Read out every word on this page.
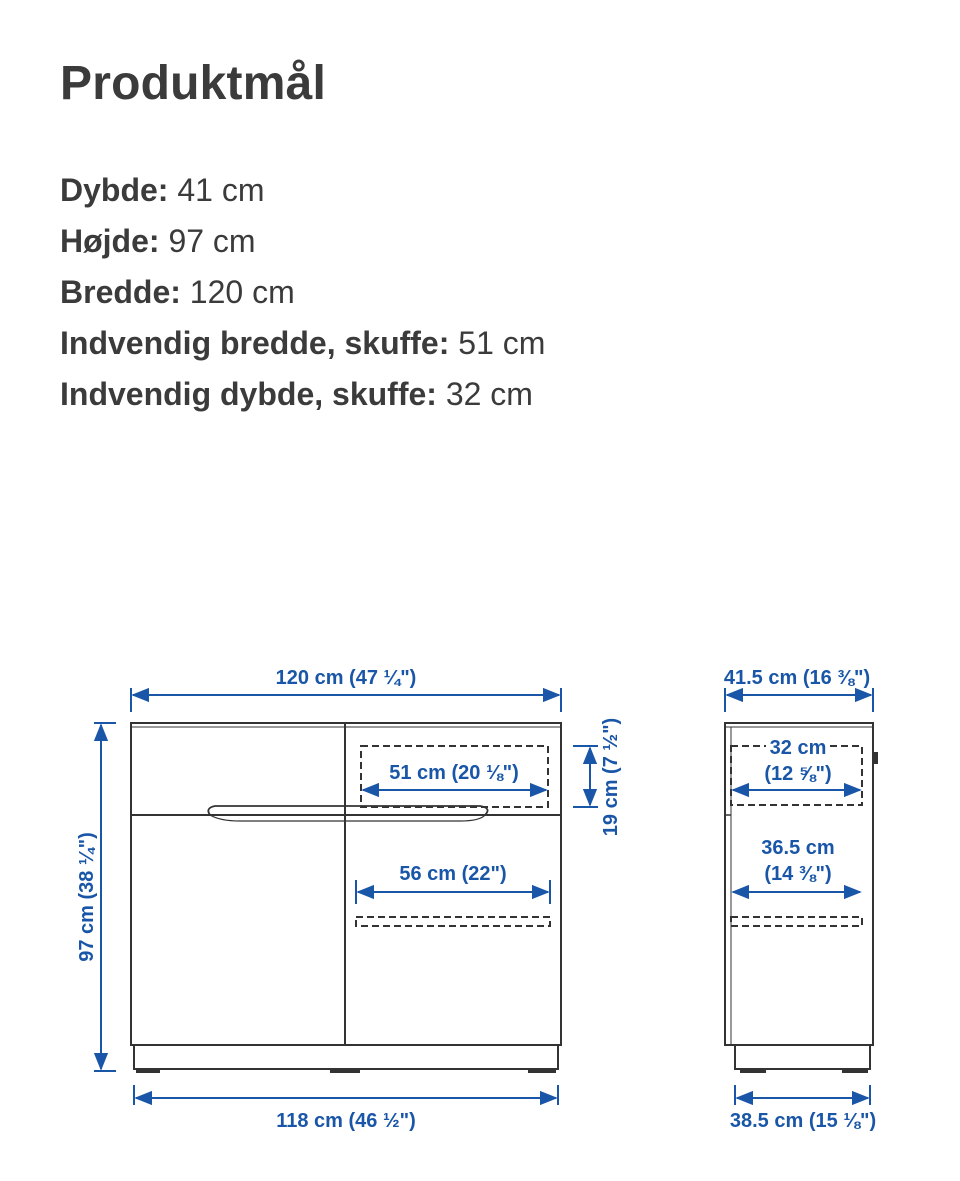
Produktmål
Dybde: 41 cm
Højde: 97 cm
Bredde: 120 cm
Indvendig bredde, skuffe: 51 cm
Indvendig dybde, skuffe: 32 cm
120 cm (47 ¼")
97 cm (38 ¼")
19 cm (7 ½")
51 cm (20 ⅛")
56 cm (22")
118 cm (46 ½")
41.5 cm (16 ⅜")
32 cm
(12 ⅝")
36.5 cm
(14 ⅜")
38.5 cm (15 ⅛")
